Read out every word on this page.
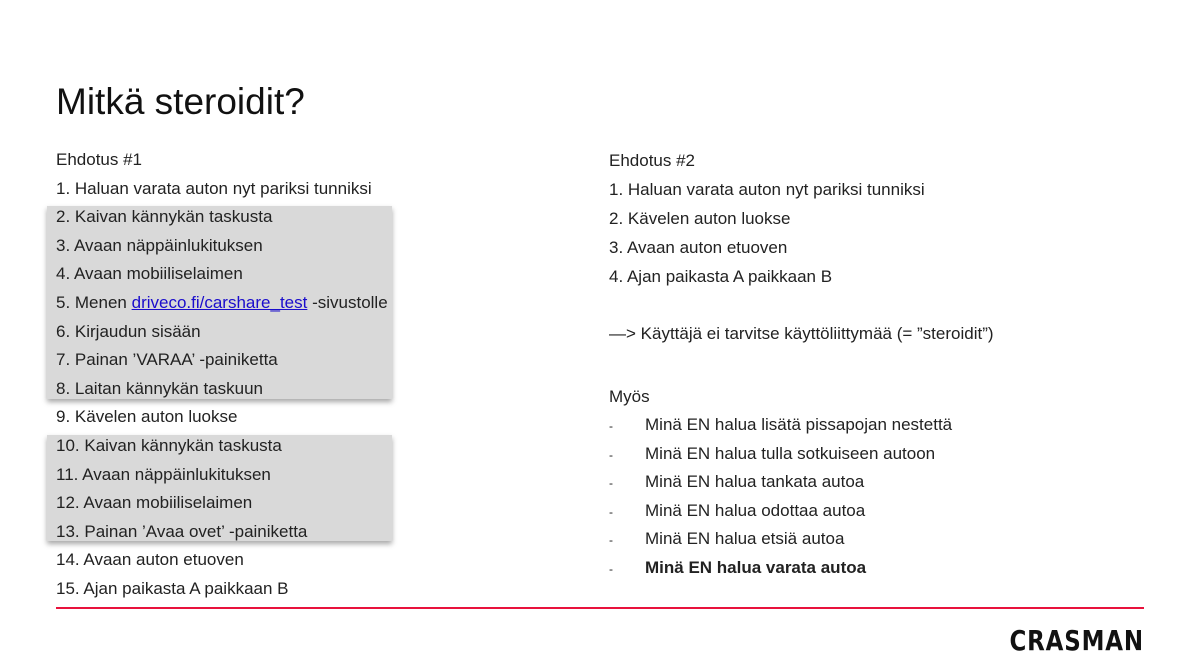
Mitkä steroidit?
Ehdotus #1
1. Haluan varata auton nyt pariksi tunniksi
2. Kaivan kännykän taskusta
3. Avaan näppäinlukituksen
4. Avaan mobiiliselaimen
5. Menen driveco.fi/carshare_test -sivustolle
6. Kirjaudun sisään
7. Painan ’VARAA’ -painiketta
8. Laitan kännykän taskuun
9. Kävelen auton luokse
10. Kaivan kännykän taskusta
11. Avaan näppäinlukituksen
12. Avaan mobiiliselaimen
13. Painan ’Avaa ovet’ -painiketta
14. Avaan auton etuoven
15. Ajan paikasta A paikkaan B
Ehdotus #2
1. Haluan varata auton nyt pariksi tunniksi
2. Kävelen auton luokse
3. Avaan auton etuoven
4. Ajan paikasta A paikkaan B
—> Käyttäjä ei tarvitse käyttöliittymää (= ”steroidit”)
Myös
- Minä EN halua lisätä pissapojan nestettä
- Minä EN halua tulla sotkuiseen autoon
- Minä EN halua tankata autoa
- Minä EN halua odottaa autoa
- Minä EN halua etsiä autoa
- Minä EN halua varata autoa
CRASMAN
